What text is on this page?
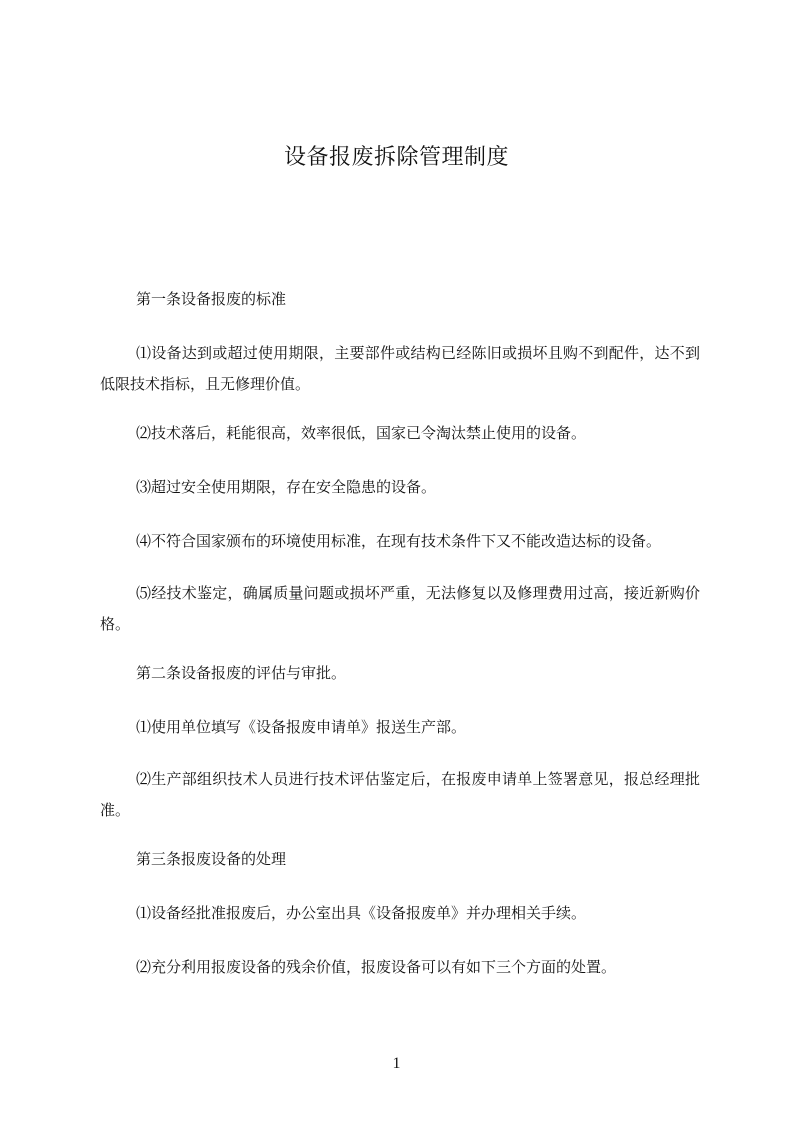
设备报废拆除管理制度

第一条设备报废的标准

⑴设备达到或超过使用期限，主要部件或结构已经陈旧或损坏且购不到配件，达不到低限技术指标，且无修理价值。

⑵技术落后，耗能很高，效率很低，国家已令淘汰禁止使用的设备。

⑶超过安全使用期限，存在安全隐患的设备。

⑷不符合国家颁布的环境使用标准，在现有技术条件下又不能改造达标的设备。

⑸经技术鉴定，确属质量问题或损坏严重，无法修复以及修理费用过高，接近新购价格。

第二条设备报废的评估与审批。

⑴使用单位填写《设备报废申请单》报送生产部。

⑵生产部组织技术人员进行技术评估鉴定后，在报废申请单上签署意见，报总经理批准。

第三条报废设备的处理

⑴设备经批准报废后，办公室出具《设备报废单》并办理相关手续。

⑵充分利用报废设备的残余价值，报废设备可以有如下三个方面的处置。

1
